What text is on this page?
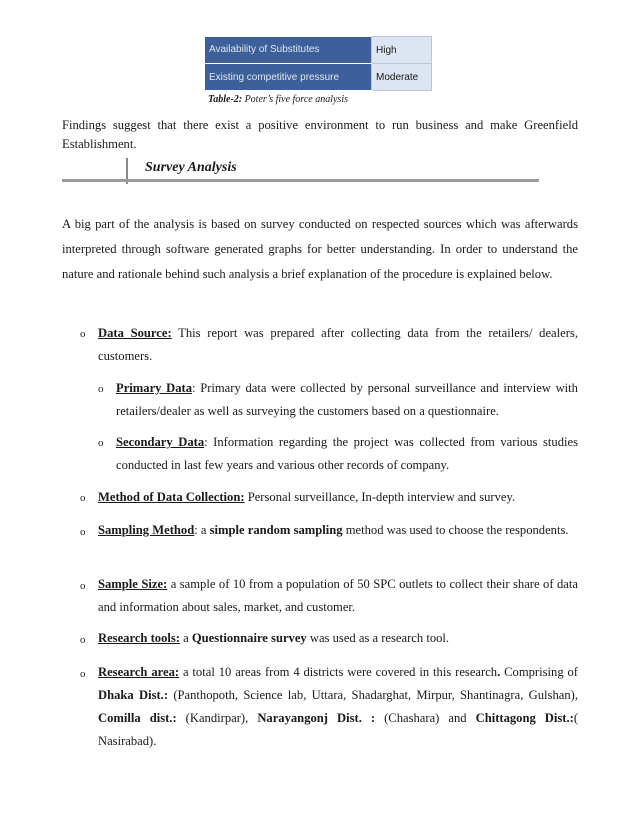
Availability of Substitutes	High
Existing competitive pressure	Moderate
Table-2: Poter’s five force analysis
Findings suggest that there exist a positive environment to run business and make Greenfield Establishment.
Survey Analysis
A big part of the analysis is based on survey conducted on respected sources which was afterwards interpreted through software generated graphs for better understanding. In order to understand the nature and rationale behind such analysis a brief explanation of the procedure is explained below.
o Data Source: This report was prepared after collecting data from the retailers/ dealers, customers.
o Primary Data: Primary data were collected by personal surveillance and interview with retailers/dealer as well as surveying the customers based on a questionnaire.
o Secondary Data: Information regarding the project was collected from various studies conducted in last few years and various other records of company.
o Method of Data Collection: Personal surveillance, In-depth interview and survey.
o Sampling Method: a simple random sampling method was used to choose the respondents.
o Sample Size: a sample of 10 from a population of 50 SPC outlets to collect their share of data and information about sales, market, and customer.
o Research tools: a Questionnaire survey was used as a research tool.
o Research area: a total 10 areas from 4 districts were covered in this research. Comprising of Dhaka Dist.: (Panthopoth, Science lab, Uttara, Shadarghat, Mirpur, Shantinagra, Gulshan), Comilla dist.: (Kandirpar), Narayangonj Dist. : (Chashara) and Chittagong Dist.:( Nasirabad).
